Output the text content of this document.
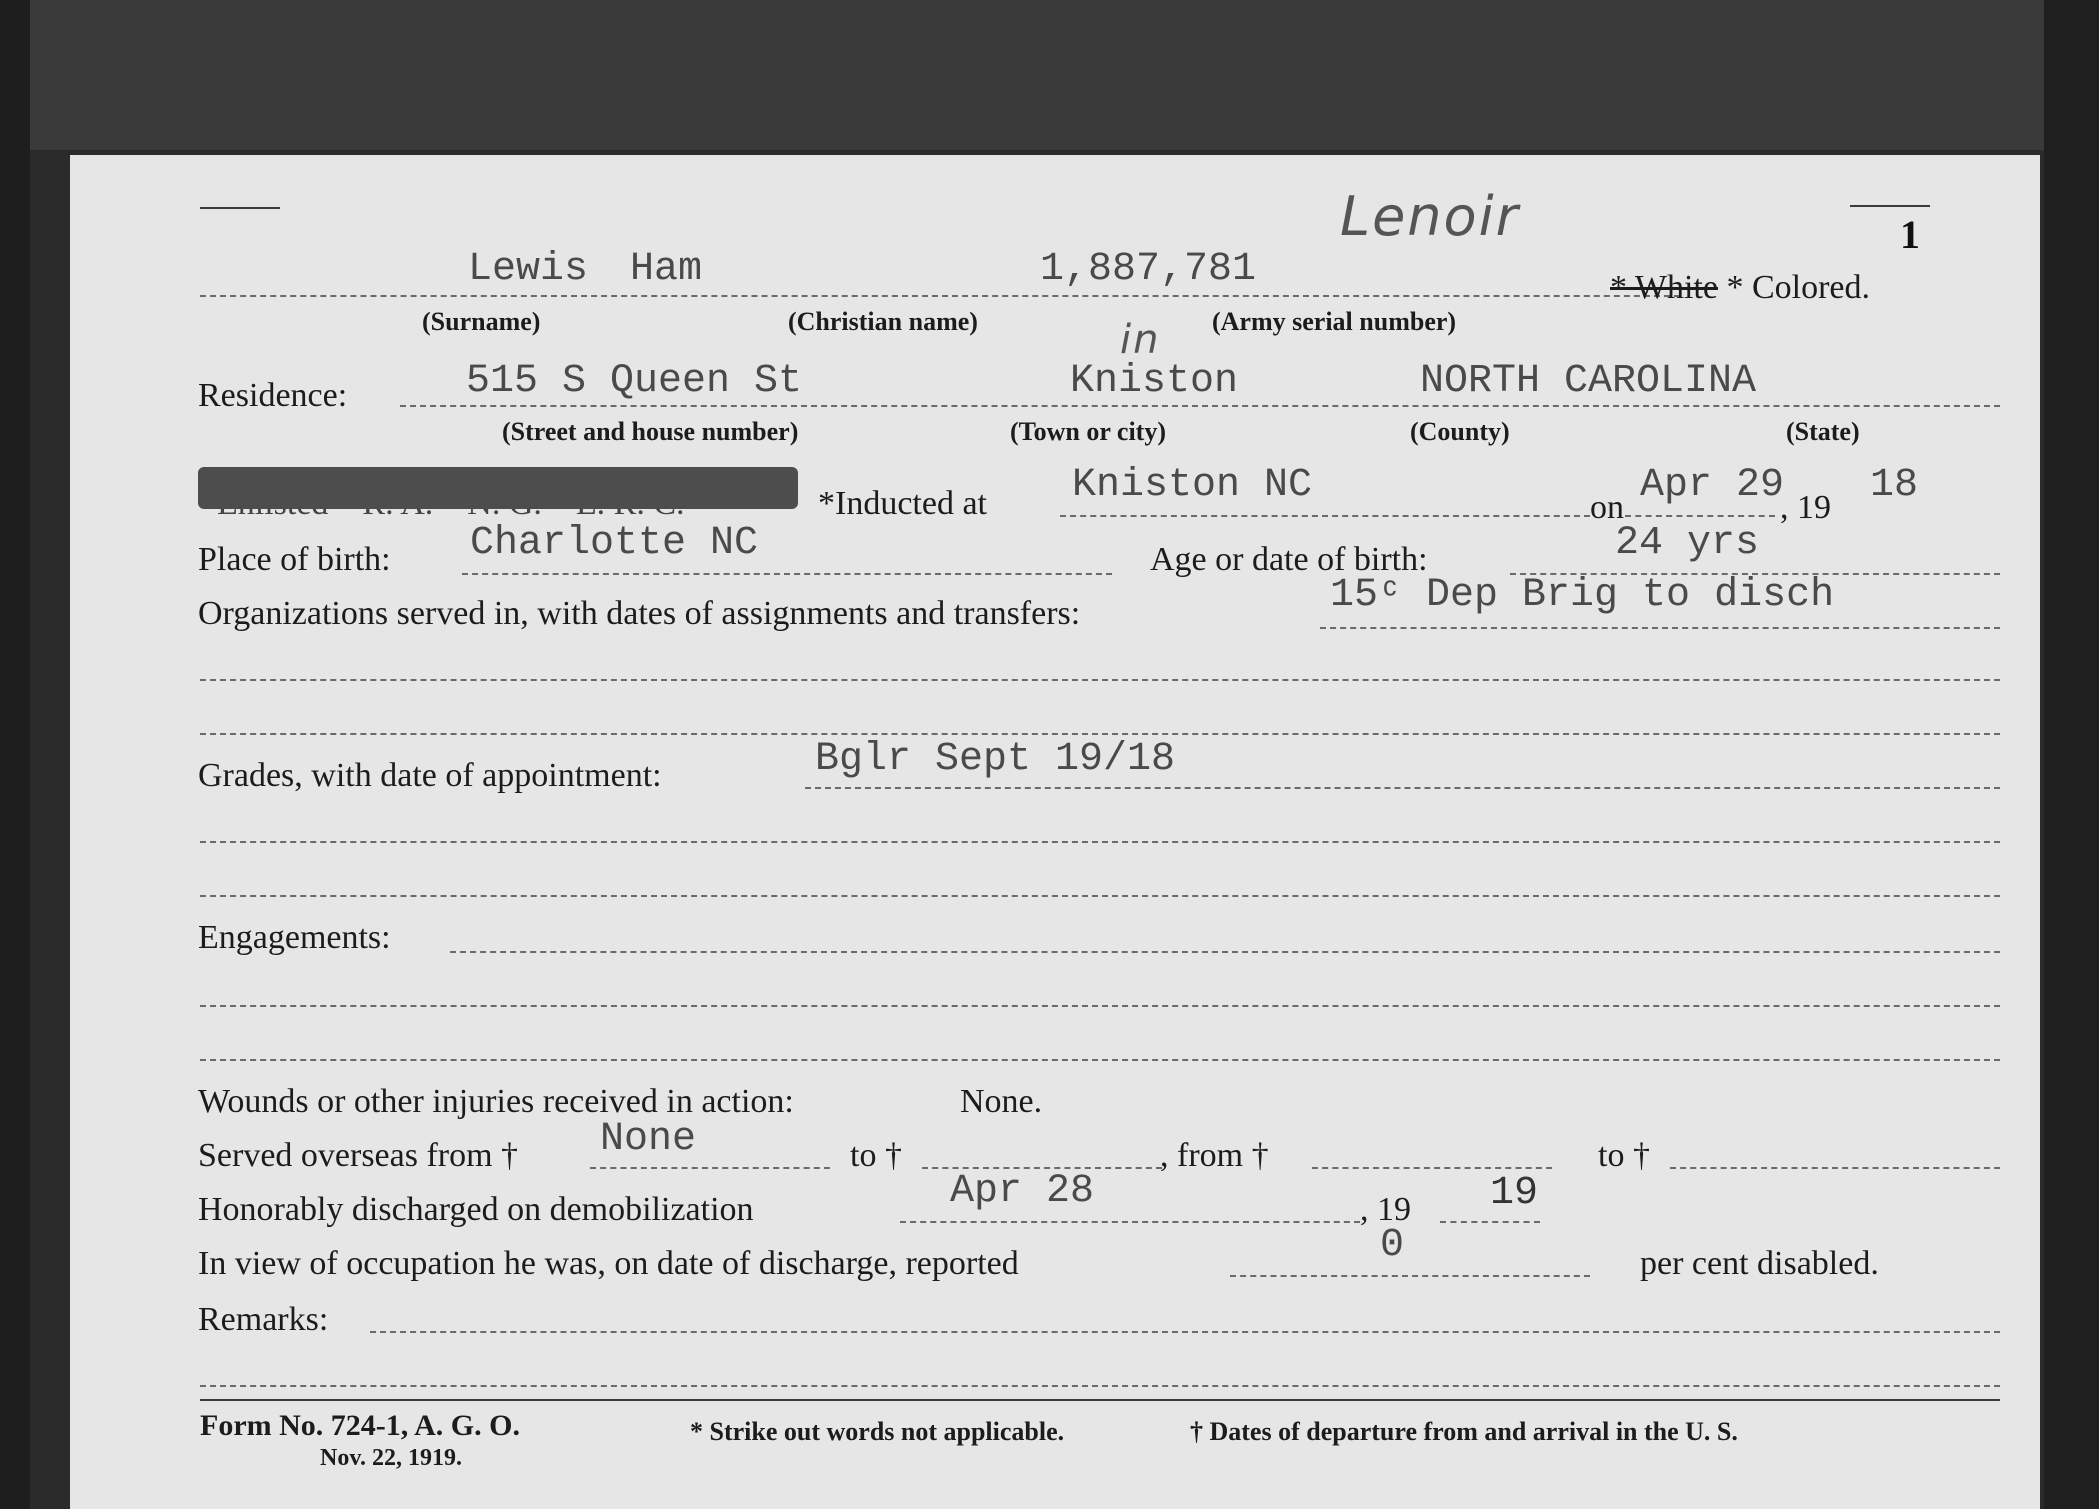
1
Lenoir
Lewis Ham	1,887,781	* White * Colored.
(Surname)	(Christian name)	(Army serial number)
Residence:	515 S Queen St
in
Kniston	NORTH CAROLINA
(Street and house number)	(Town or city)	(County)	(State)
*Inducted at Kniston NC	on Apr 29
, 19 18
Place of birth: Charlotte NC	Age or date of birth:	24 yrs
Organizations served in, with dates of assignments and transfers:	15ᶜ Dep Brig to disch
Grades, with date of appointment:	Bglr Sept 19/18
Engagements:
Wounds or other injuries received in action:	None.
Served overseas from † None	to †	, from †	to †
Honorably discharged on demobilization	Apr 28	, 19 19
In view of occupation he was, on date of discharge, reported	0	per cent disabled.
Remarks:
Form No. 724-1, A. G. O.
Nov. 22, 1919.
* Strike out words not applicable.	† Dates of departure from and arrival in the U. S.
